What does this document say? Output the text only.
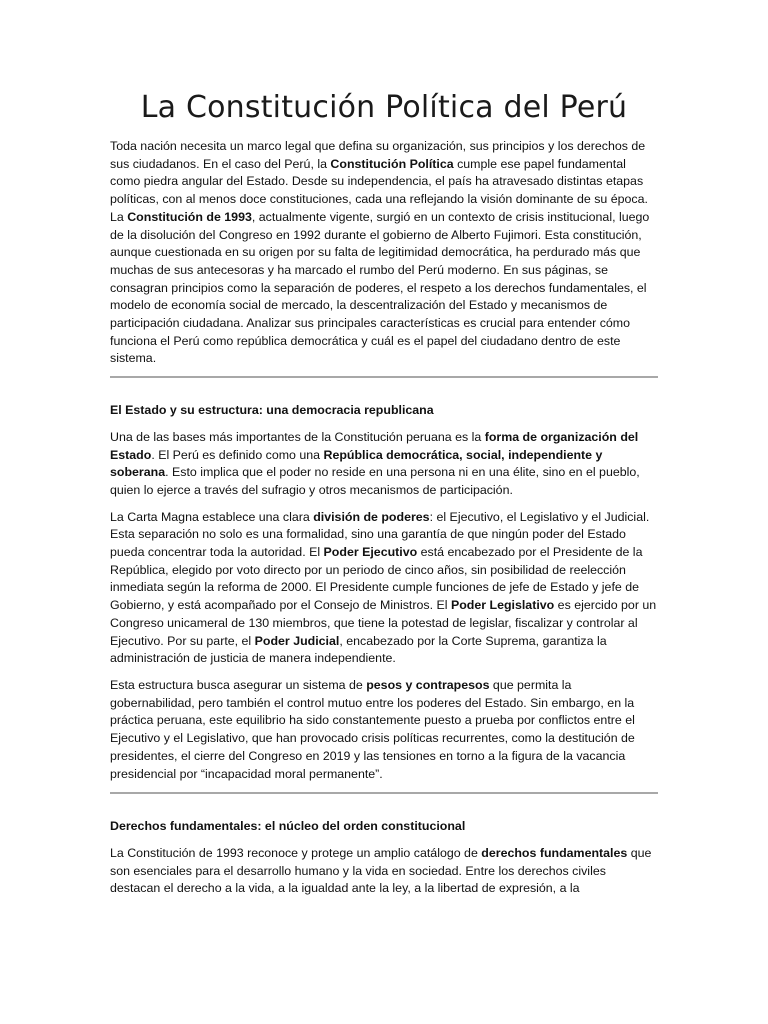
La Constitución Política del Perú

Toda nación necesita un marco legal que defina su organización, sus principios y los derechos de sus ciudadanos. En el caso del Perú, la Constitución Política cumple ese papel fundamental como piedra angular del Estado. Desde su independencia, el país ha atravesado distintas etapas políticas, con al menos doce constituciones, cada una reflejando la visión dominante de su época. La Constitución de 1993, actualmente vigente, surgió en un contexto de crisis institucional, luego de la disolución del Congreso en 1992 durante el gobierno de Alberto Fujimori. Esta constitución, aunque cuestionada en su origen por su falta de legitimidad democrática, ha perdurado más que muchas de sus antecesoras y ha marcado el rumbo del Perú moderno. En sus páginas, se consagran principios como la separación de poderes, el respeto a los derechos fundamentales, el modelo de economía social de mercado, la descentralización del Estado y mecanismos de participación ciudadana. Analizar sus principales características es crucial para entender cómo funciona el Perú como república democrática y cuál es el papel del ciudadano dentro de este sistema.

El Estado y su estructura: una democracia republicana

Una de las bases más importantes de la Constitución peruana es la forma de organización del Estado. El Perú es definido como una República democrática, social, independiente y soberana. Esto implica que el poder no reside en una persona ni en una élite, sino en el pueblo, quien lo ejerce a través del sufragio y otros mecanismos de participación.

La Carta Magna establece una clara división de poderes: el Ejecutivo, el Legislativo y el Judicial. Esta separación no solo es una formalidad, sino una garantía de que ningún poder del Estado pueda concentrar toda la autoridad. El Poder Ejecutivo está encabezado por el Presidente de la República, elegido por voto directo por un periodo de cinco años, sin posibilidad de reelección inmediata según la reforma de 2000. El Presidente cumple funciones de jefe de Estado y jefe de Gobierno, y está acompañado por el Consejo de Ministros. El Poder Legislativo es ejercido por un Congreso unicameral de 130 miembros, que tiene la potestad de legislar, fiscalizar y controlar al Ejecutivo. Por su parte, el Poder Judicial, encabezado por la Corte Suprema, garantiza la administración de justicia de manera independiente.

Esta estructura busca asegurar un sistema de pesos y contrapesos que permita la gobernabilidad, pero también el control mutuo entre los poderes del Estado. Sin embargo, en la práctica peruana, este equilibrio ha sido constantemente puesto a prueba por conflictos entre el Ejecutivo y el Legislativo, que han provocado crisis políticas recurrentes, como la destitución de presidentes, el cierre del Congreso en 2019 y las tensiones en torno a la figura de la vacancia presidencial por “incapacidad moral permanente”.

Derechos fundamentales: el núcleo del orden constitucional

La Constitución de 1993 reconoce y protege un amplio catálogo de derechos fundamentales que son esenciales para el desarrollo humano y la vida en sociedad. Entre los derechos civiles destacan el derecho a la vida, a la igualdad ante la ley, a la libertad de expresión, a la
